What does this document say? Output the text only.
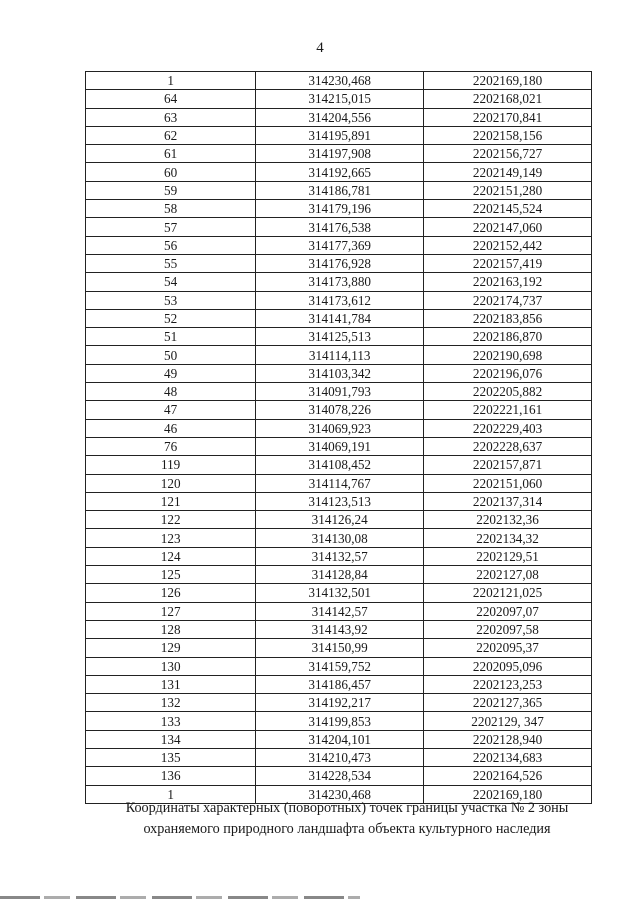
4
1	314230,468	2202169,180
64	314215,015	2202168,021
63	314204,556	2202170,841
62	314195,891	2202158,156
61	314197,908	2202156,727
60	314192,665	2202149,149
59	314186,781	2202151,280
58	314179,196	2202145,524
57	314176,538	2202147,060
56	314177,369	2202152,442
55	314176,928	2202157,419
54	314173,880	2202163,192
53	314173,612	2202174,737
52	314141,784	2202183,856
51	314125,513	2202186,870
50	314114,113	2202190,698
49	314103,342	2202196,076
48	314091,793	2202205,882
47	314078,226	2202221,161
46	314069,923	2202229,403
76	314069,191	2202228,637
119	314108,452	2202157,871
120	314114,767	2202151,060
121	314123,513	2202137,314
122	314126,24	2202132,36
123	314130,08	2202134,32
124	314132,57	2202129,51
125	314128,84	2202127,08
126	314132,501	2202121,025
127	314142,57	2202097,07
128	314143,92	2202097,58
129	314150,99	2202095,37
130	314159,752	2202095,096
131	314186,457	2202123,253
132	314192,217	2202127,365
133	314199,853	2202129, 347
134	314204,101	2202128,940
135	314210,473	2202134,683
136	314228,534	2202164,526
1	314230,468	2202169,180
Координаты характерных (поворотных) точек границы участка № 2 зоны
охраняемого природного ландшафта объекта культурного наследия
